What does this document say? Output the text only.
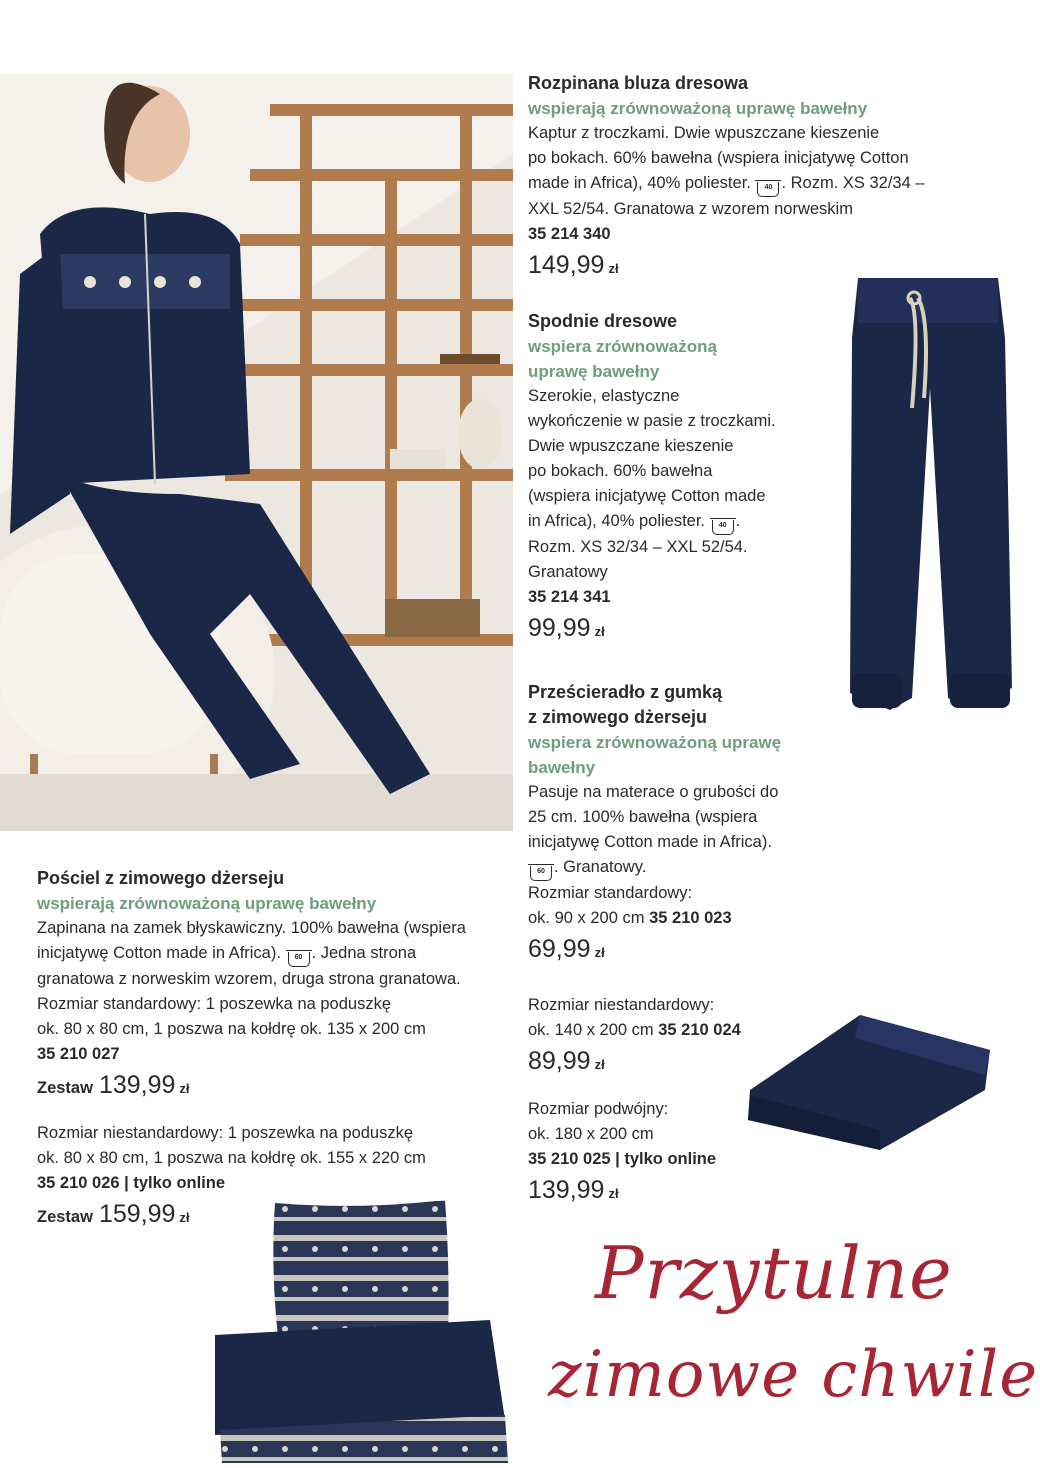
Rozpinana bluza dresowa

wspierają zrównoważoną uprawę bawełny

Kaptur z troczkami. Dwie wpuszczane kieszenie

po bokach. 60% bawełna (wspiera inicjatywę Cotton

made in Africa), 40% poliester. 40 . Rozm. XS 32/34 –

XXL 52/54. Granatowa z wzorem norweskim

35 214 340

149,99 zł

Spodnie dresowe

wspiera zrównoważoną

uprawę bawełny

Szerokie, elastyczne

wykończenie w pasie z troczkami.

Dwie wpuszczane kieszenie

po bokach. 60% bawełna

(wspiera inicjatywę Cotton made

in Africa), 40% poliester. 40 .

Rozm. XS 32/34 – XXL 52/54.

Granatowy

35 214 341

99,99 zł

Prześcieradło z gumką

z zimowego dżerseju

wspiera zrównoważoną uprawę

bawełny

Pasuje na materace o grubości do

25 cm. 100% bawełna (wspiera

inicjatywę Cotton made in Africa).

60 . Granatowy.

Rozmiar standardowy:

ok. 90 x 200 cm 35 210 023

69,99 zł

Rozmiar niestandardowy:

ok. 140 x 200 cm 35 210 024

89,99 zł

Rozmiar podwójny:

ok. 180 x 200 cm

35 210 025 | tylko online

139,99 zł

Pościel z zimowego dżerseju

wspierają zrównoważoną uprawę bawełny

Zapinana na zamek błyskawiczny. 100% bawełna (wspiera

inicjatywę Cotton made in Africa). 60 . Jedna strona

granatowa z norweskim wzorem, druga strona granatowa.

Rozmiar standardowy: 1 poszewka na poduszkę

ok. 80 x 80 cm, 1 poszwa na kołdrę ok. 135 x 200 cm

35 210 027

Zestaw 139,99 zł

Rozmiar niestandardowy: 1 poszewka na poduszkę

ok. 80 x 80 cm, 1 poszwa na kołdrę ok. 155 x 220 cm

35 210 026 | tylko online

Zestaw 159,99 zł

Przytulne
zimowe chwile
